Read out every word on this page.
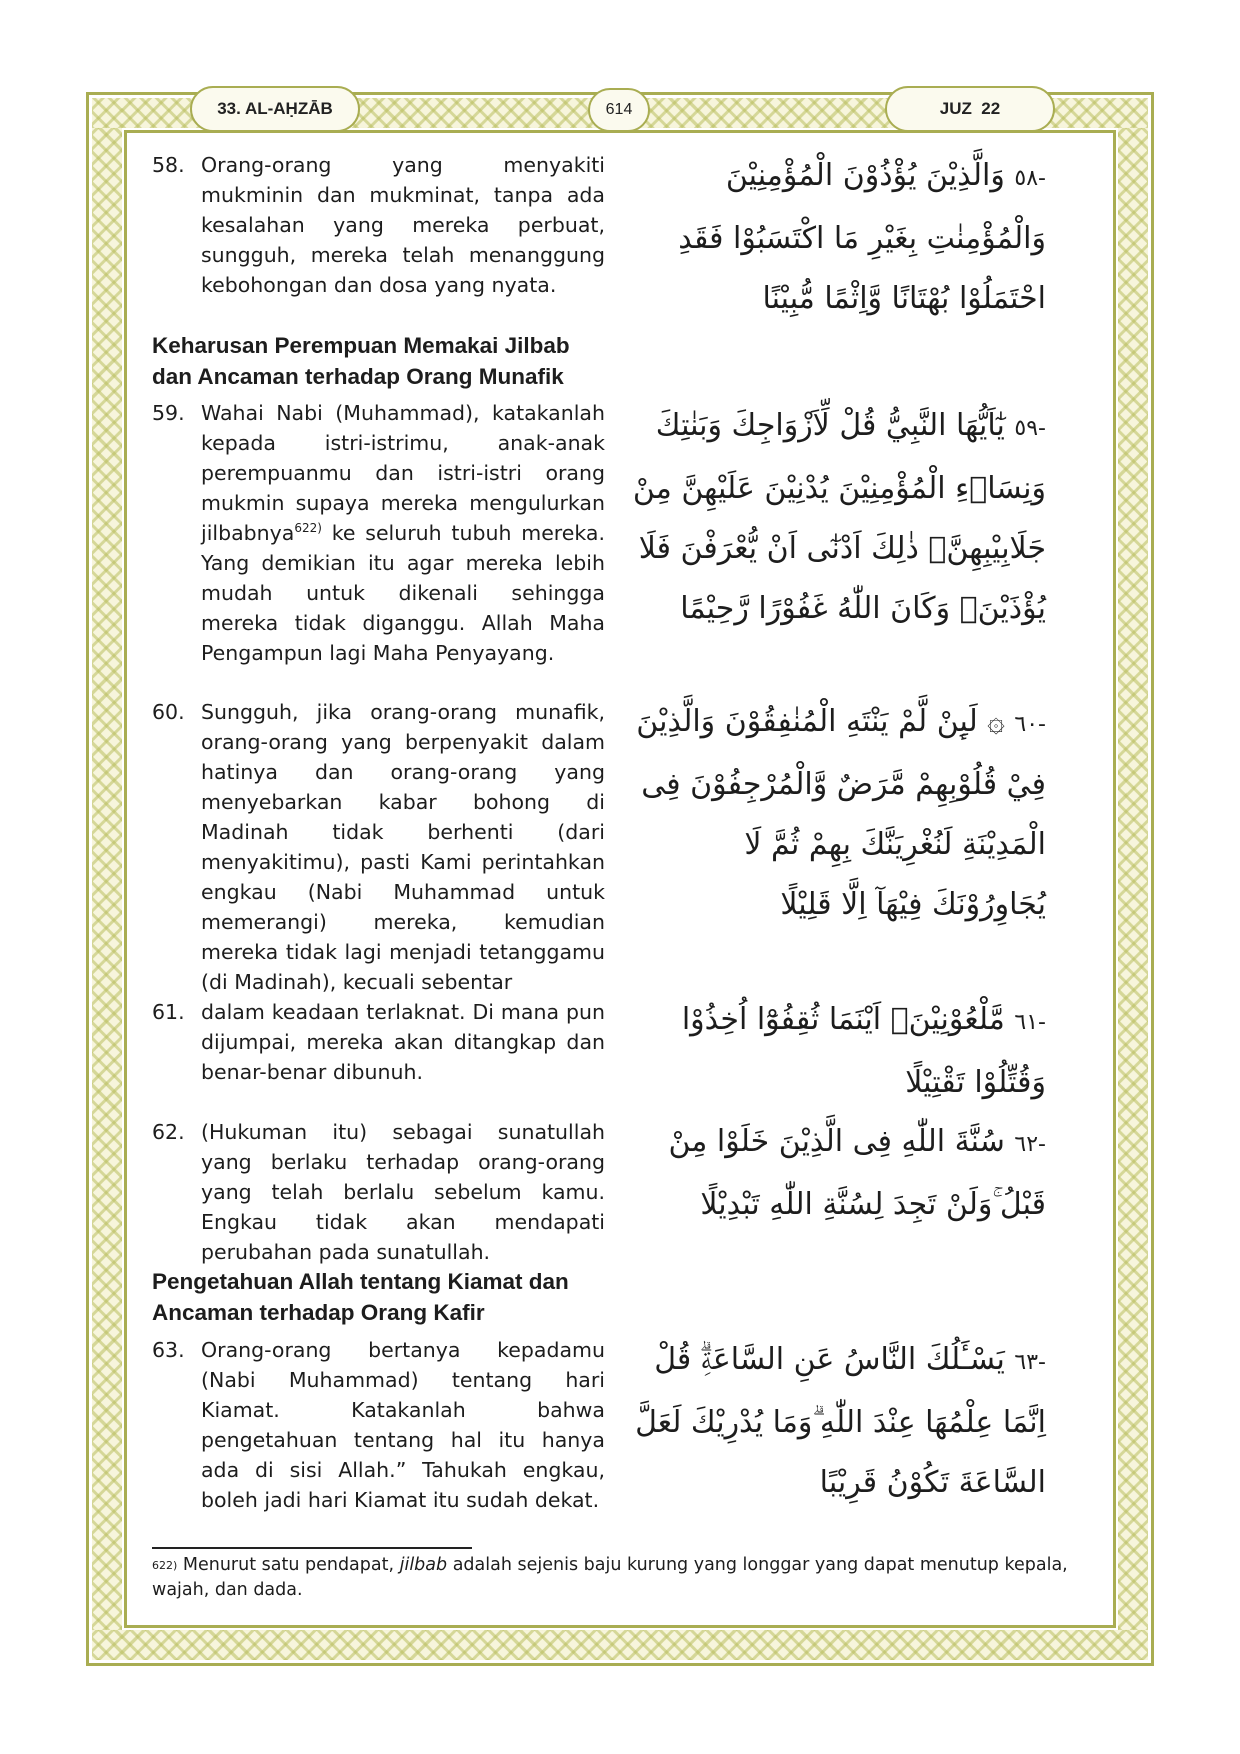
33. AL-AḤZĀB	614	JUZ  22
58. Orang-orang yang menyakiti mukminin dan mukminat, tanpa ada kesalahan yang mereka perbuat, sungguh, mereka telah menanggung kebohongan dan dosa yang nyata.
-٥٨ وَالَّذِيْنَ يُؤْذُوْنَ الْمُؤْمِنِيْنَ وَالْمُؤْمِنٰتِ بِغَيْرِ مَا اكْتَسَبُوْا فَقَدِ احْتَمَلُوْا بُهْتَانًا وَّاِثْمًا مُّبِيْنًا
Keharusan Perempuan Memakai Jilbab dan Ancaman terhadap Orang Munafik
59. Wahai Nabi (Muhammad), katakanlah kepada istri-istrimu, anak-anak perempuanmu dan istri-istri orang mukmin supaya mereka mengulurkan jilbabnya$^{622)}$ ke seluruh tubuh mereka. Yang demikian itu agar mereka lebih mudah untuk dikenali sehingga mereka tidak diganggu. Allah Maha Pengampun lagi Maha Penyayang.
-٥٩ يٰٓاَيُّهَا النَّبِيُّ قُلْ لِّاَزْوَاجِكَ وَبَنٰتِكَ وَنِسَاۤءِ الْمُؤْمِنِيْنَ يُدْنِيْنَ عَلَيْهِنَّ مِنْ جَلَابِيْبِهِنَّۗ ذٰلِكَ اَدْنٰٓى اَنْ يُّعْرَفْنَ فَلَا يُؤْذَيْنَۗ وَكَانَ اللّٰهُ غَفُوْرًا رَّحِيْمًا
60. Sungguh, jika orang-orang munafik, orang-orang yang berpenyakit dalam hatinya dan orang-orang yang menyebarkan kabar bohong di Madinah tidak berhenti (dari menyakitimu), pasti Kami perintahkan engkau (Nabi Muhammad untuk memerangi) mereka, kemudian mereka tidak lagi menjadi tetanggamu (di Madinah), kecuali sebentar
-٦٠ ۞ لَىِٕنْ لَّمْ يَنْتَهِ الْمُنٰفِقُوْنَ وَالَّذِيْنَ فِيْ قُلُوْبِهِمْ مَّرَضٌ وَّالْمُرْجِفُوْنَ فِى الْمَدِيْنَةِ لَنُغْرِيَنَّكَ بِهِمْ ثُمَّ لَا يُجَاوِرُوْنَكَ فِيْهَآ اِلَّا قَلِيْلًا
61. dalam keadaan terlaknat. Di mana pun dijumpai, mereka akan ditangkap dan benar-benar dibunuh.
-٦١ مَّلْعُوْنِيْنَۛ اَيْنَمَا ثُقِفُوْٓا اُخِذُوْا وَقُتِّلُوْا تَقْتِيْلًا
62. (Hukuman itu) sebagai sunatullah yang berlaku terhadap orang-orang yang telah berlalu sebelum kamu. Engkau tidak akan mendapati perubahan pada sunatullah.
-٦٢ سُنَّةَ اللّٰهِ فِى الَّذِيْنَ خَلَوْا مِنْ قَبْلُ ۚوَلَنْ تَجِدَ لِسُنَّةِ اللّٰهِ تَبْدِيْلًا
Pengetahuan Allah tentang Kiamat dan Ancaman terhadap Orang Kafir
63. Orang-orang bertanya kepadamu (Nabi Muhammad) tentang hari Kiamat. Katakanlah bahwa pengetahuan tentang hal itu hanya ada di sisi Allah.” Tahukah engkau, boleh jadi hari Kiamat itu sudah dekat.
-٦٣ يَسْـَٔلُكَ النَّاسُ عَنِ السَّاعَةِۗ قُلْ اِنَّمَا عِلْمُهَا عِنْدَ اللّٰهِ ۗوَمَا يُدْرِيْكَ لَعَلَّ السَّاعَةَ تَكُوْنُ قَرِيْبًا
$^{622)}$ Menurut satu pendapat, jilbab adalah sejenis baju kurung yang longgar yang dapat menutup kepala, wajah, dan dada.
